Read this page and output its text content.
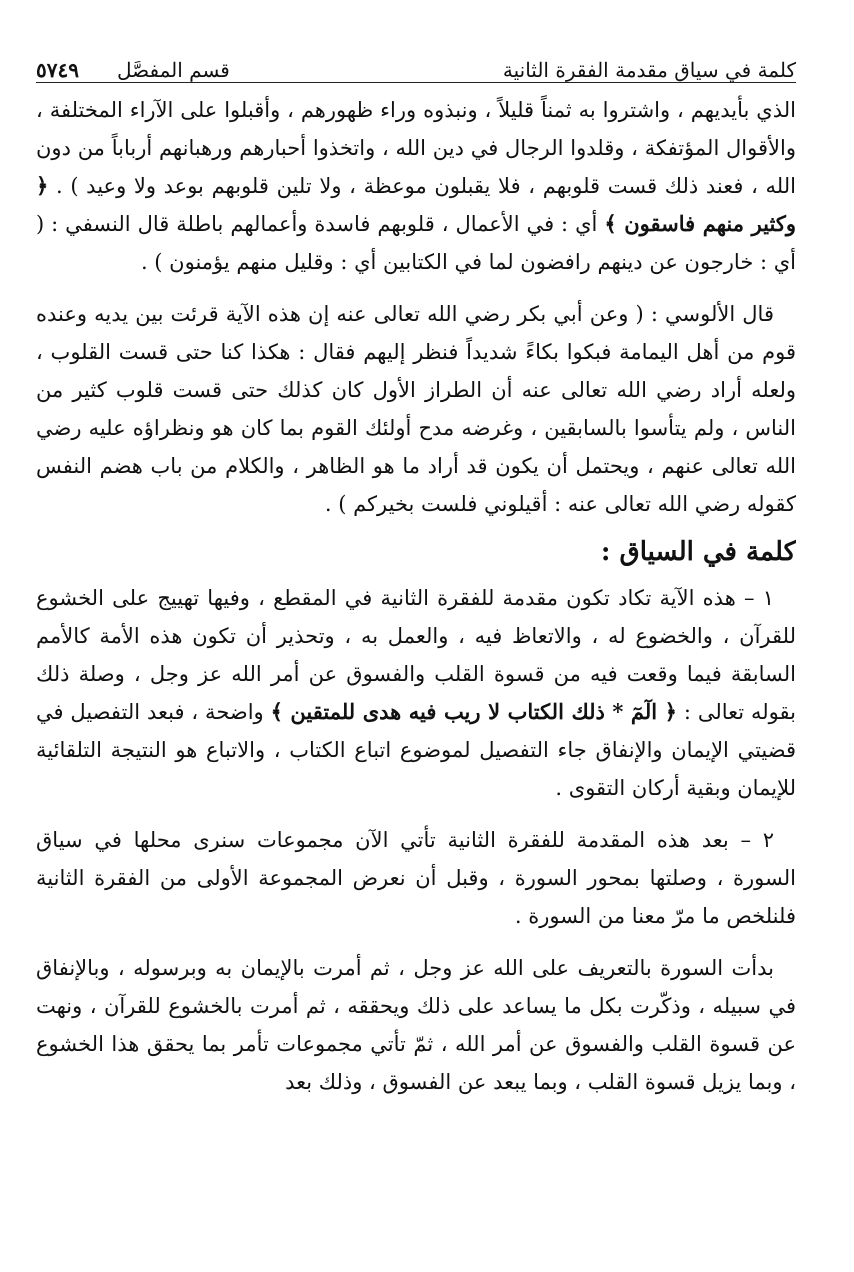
كلمة في سياق مقدمة الفقرة الثانية
قسم المفصَّل
٥٧٤٩

الذي بأيديهم ، واشتروا به ثمناً قليلاً ، ونبذوه وراء ظهورهم ، وأقبلوا على الآراء المختلفة ، والأقوال المؤتفكة ، وقلدوا الرجال في دين الله ، واتخذوا أحبارهم ورهبانهم أرباباً من دون الله ، فعند ذلك قست قلوبهم ، فلا يقبلون موعظة ، ولا تلين قلوبهم بوعد ولا وعيد ) . ﴿ وكثير منهم فاسقون ﴾ أي : في الأعمال ، قلوبهم فاسدة وأعمالهم باطلة قال النسفي : ( أي : خارجون عن دينهم رافضون لما في الكتابين أي : وقليل منهم يؤمنون ) .

قال الألوسي : ( وعن أبي بكر رضي الله تعالى عنه إن هذه الآية قرئت بين يديه وعنده قوم من أهل اليمامة فبكوا بكاءً شديداً فنظر إليهم فقال : هكذا كنا حتى قست القلوب ، ولعله أراد رضي الله تعالى عنه أن الطراز الأول كان كذلك حتى قست قلوب كثير من الناس ، ولم يتأسوا بالسابقين ، وغرضه مدح أولئك القوم بما كان هو ونظراؤه عليه رضي الله تعالى عنهم ، ويحتمل أن يكون قد أراد ما هو الظاهر ، والكلام من باب هضم النفس كقوله رضي الله تعالى عنه : أقيلوني فلست بخيركم ) .

كلمة في السياق :

١ – هذه الآية تكاد تكون مقدمة للفقرة الثانية في المقطع ، وفيها تهييج على الخشوع للقرآن ، والخضوع له ، والاتعاظ فيه ، والعمل به ، وتحذير أن تكون هذه الأمة كالأمم السابقة فيما وقعت فيه من قسوة القلب والفسوق عن أمر الله عز وجل ، وصلة ذلك بقوله تعالى : ﴿ الٓمٓ * ذلك الكتاب لا ريب فيه هدى للمتقين ﴾ واضحة ، فبعد التفصيل في قضيتي الإيمان والإنفاق جاء التفصيل لموضوع اتباع الكتاب ، والاتباع هو النتيجة التلقائية للإيمان وبقية أركان التقوى .

٢ – بعد هذه المقدمة للفقرة الثانية تأتي الآن مجموعات سنرى محلها في سياق السورة ، وصلتها بمحور السورة ، وقبل أن نعرض المجموعة الأولى من الفقرة الثانية فلنلخص ما مرّ معنا من السورة .

بدأت السورة بالتعريف على الله عز وجل ، ثم أمرت بالإيمان به وبرسوله ، وبالإنفاق في سبيله ، وذكّرت بكل ما يساعد على ذلك ويحققه ، ثم أمرت بالخشوع للقرآن ، ونهت عن قسوة القلب والفسوق عن أمر الله ، ثمّ تأتي مجموعات تأمر بما يحقق هذا الخشوع ، وبما يزيل قسوة القلب ، وبما يبعد عن الفسوق ، وذلك بعد
